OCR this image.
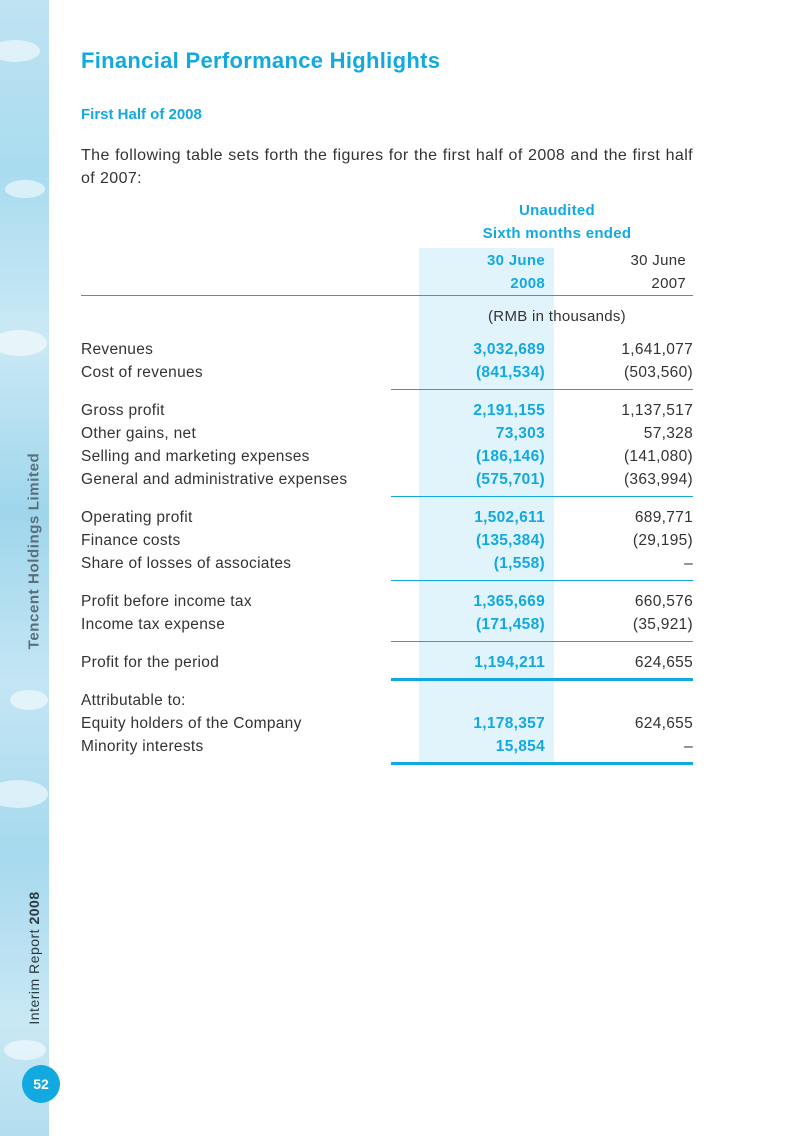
Tencent Holdings Limited
Interim Report 2008
52
Financial Performance Highlights
First Half of 2008

The following table sets forth the figures for the first half of 2008 and the first half of 2007:

Unaudited
Sixth months ended
30 June
2008
30 June
2007
(RMB in thousands)
Revenues	3,032,689	1,641,077
Cost of revenues	(841,534)	(503,560)
Gross profit	2,191,155	1,137,517
Other gains, net	73,303	57,328
Selling and marketing expenses	(186,146)	(141,080)
General and administrative expenses	(575,701)	(363,994)
Operating profit	1,502,611	689,771
Finance costs	(135,384)	(29,195)
Share of losses of associates	(1,558)	–
Profit before income tax	1,365,669	660,576
Income tax expense	(171,458)	(35,921)
Profit for the period	1,194,211	624,655
Attributable to:
Equity holders of the Company	1,178,357	624,655
Minority interests	15,854	–
